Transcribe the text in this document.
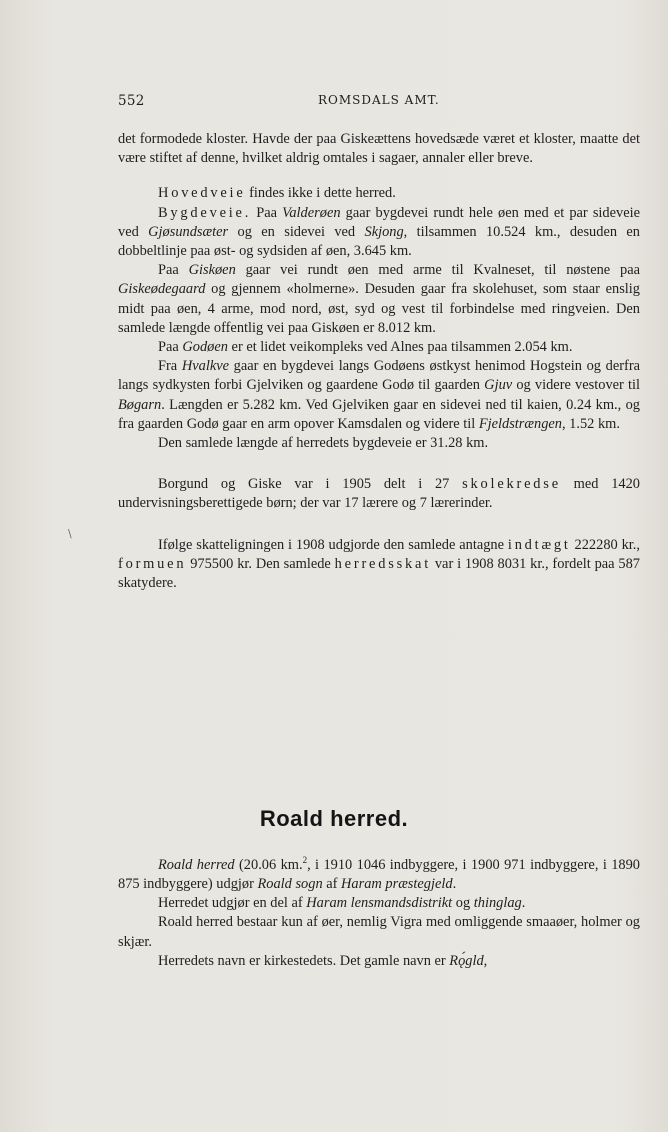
552	ROMSDALS AMT.
\

det formodede kloster. Havde der paa Giskeættens hovedsæde været et kloster, maatte det være stiftet af denne, hvilket aldrig omtales i sagaer, annaler eller breve.

Hovedveie findes ikke i dette herred.

Bygdeveie. Paa Valderøen gaar bygdevei rundt hele øen med et par sideveie ved Gjøsundsæter og en sidevei ved Skjong, tilsammen 10.524 km., desuden en dobbeltlinje paa øst- og sydsiden af øen, 3.645 km.

Paa Giskøen gaar vei rundt øen med arme til Kvalneset, til nøstene paa Giskeødegaard og gjennem «holmerne». Desuden gaar fra skolehuset, som staar enslig midt paa øen, 4 arme, mod nord, øst, syd og vest til forbindelse med ringveien. Den samlede længde offentlig vei paa Giskøen er 8.012 km.

Paa Godøen er et lidet veikompleks ved Alnes paa tilsammen 2.054 km.

Fra Hvalkve gaar en bygdevei langs Godøens østkyst henimod Hogstein og derfra langs sydkysten forbi Gjelviken og gaardene Godø til gaarden Gjuv og videre vestover til Bøgarn. Længden er 5.282 km. Ved Gjelviken gaar en sidevei ned til kaien, 0.24 km., og fra gaarden Godø gaar en arm opover Kamsdalen og videre til Fjeldstrængen, 1.52 km.

Den samlede længde af herredets bygdeveie er 31.28 km.

Borgund og Giske var i 1905 delt i 27 skolekredse med 1420 undervisningsberettigede børn; der var 17 lærere og 7 lærerinder.

Ifølge skatteligningen i 1908 udgjorde den samlede antagne indtægt 222280 kr., formuen 975500 kr. Den samlede herredsskat var i 1908 8031 kr., fordelt paa 587 skatydere.

Roald herred.

Roald herred (20.06 km.$^2$, i 1910 1046 indbyggere, i 1900 971 indbyggere, i 1890 875 indbyggere) udgjør Roald sogn af Haram præstegjeld.

Herredet udgjør en del af Haram lensmandsdistrikt og thinglag.

Roald herred bestaar kun af øer, nemlig Vigra med omliggende smaaøer, holmer og skjær.

Herredets navn er kirkestedets. Det gamle navn er Rǫ́gld,
